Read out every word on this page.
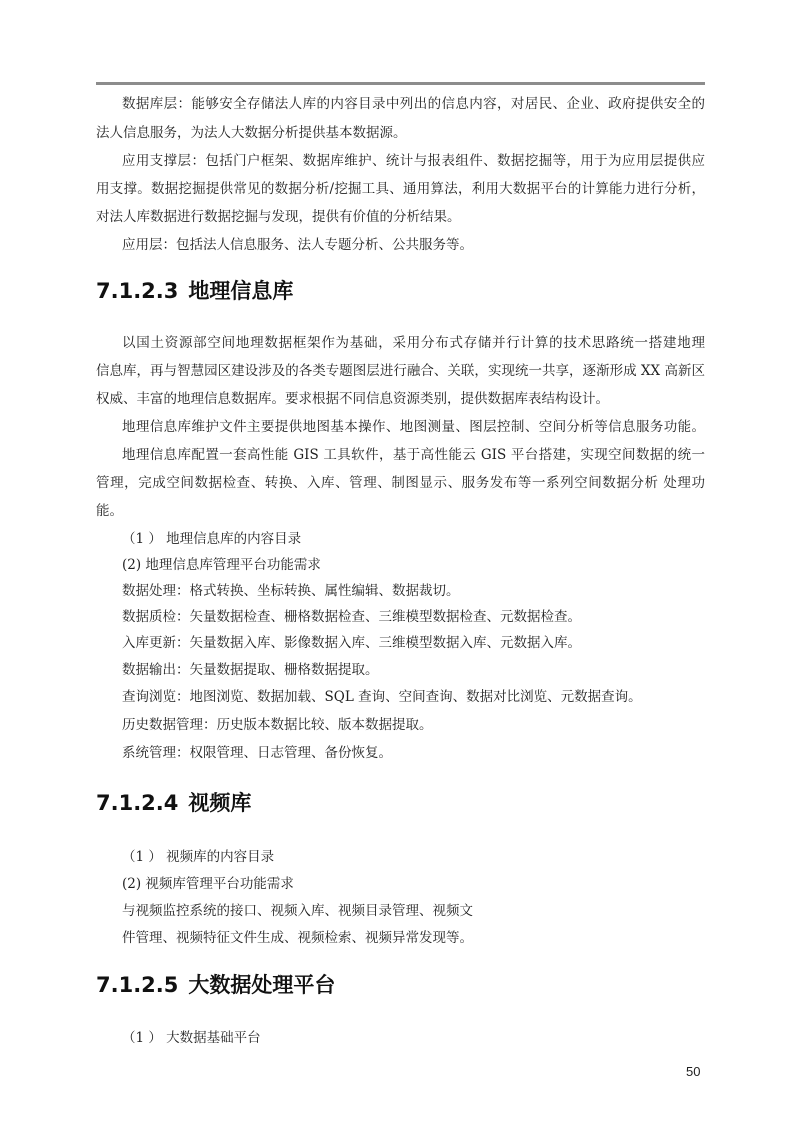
数据库层：能够安全存储法人库的内容目录中列出的信息内容，对居民、企业、政府提供安全的
法人信息服务，为法人大数据分析提供基本数据源。
应用支撑层：包括门户框架、数据库维护、统计与报表组件、数据挖掘等，用于为应用层提供应
用支撑。数据挖掘提供常见的数据分析/挖掘工具、通用算法，利用大数据平台的计算能力进行分析，
对法人库数据进行数据挖掘与发现，提供有价值的分析结果。
应用层：包括法人信息服务、法人专题分析、公共服务等。
7.1.2.3 地理信息库
以国土资源部空间地理数据框架作为基础，采用分布式存储并行计算的技术思路统一搭建地理
信息库，再与智慧园区建设涉及的各类专题图层进行融合、关联，实现统一共享，逐渐形成 XX 高新区
权威、丰富的地理信息数据库。要求根据不同信息资源类别，提供数据库表结构设计。
地理信息库维护文件主要提供地图基本操作、地图测量、图层控制、空间分析等信息服务功能。
地理信息库配置一套高性能 GIS 工具软件，基于高性能云 GIS 平台搭建，实现空间数据的统一
管理，完成空间数据检查、转换、入库、管理、制图显示、服务发布等一系列空间数据分析 处理功
能。
（1 ） 地理信息库的内容目录
(2) 地理信息库管理平台功能需求
数据处理：格式转换、坐标转换、属性编辑、数据裁切。
数据质检：矢量数据检查、栅格数据检查、三维模型数据检查、元数据检查。
入库更新：矢量数据入库、影像数据入库、三维模型数据入库、元数据入库。
数据输出：矢量数据提取、栅格数据提取。
查询浏览：地图浏览、数据加载、SQL 查询、空间查询、数据对比浏览、元数据查询。
历史数据管理：历史版本数据比较、版本数据提取。
系统管理：权限管理、日志管理、备份恢复。
7.1.2.4 视频库
（1 ） 视频库的内容目录
(2) 视频库管理平台功能需求
与视频监控系统的接口、视频入库、视频目录管理、视频文
件管理、视频特征文件生成、视频检索、视频异常发现等。
7.1.2.5 大数据处理平台
（1 ） 大数据基础平台
50
